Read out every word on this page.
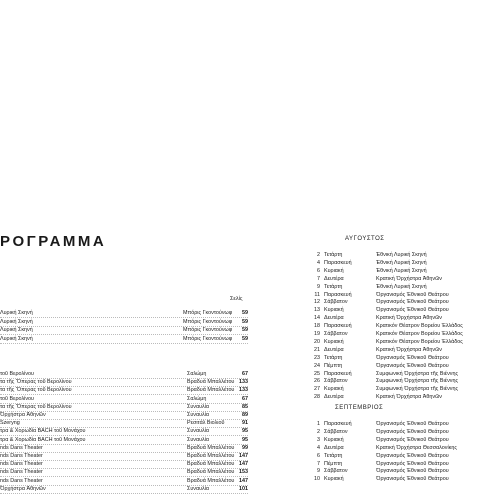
ΡΟΓΡΑΜΜΑ
Σελίς
Λυρική Σκηνή	Μπόρις Γκοντούνωφ 59
Λυρική Σκηνή	Μπόρις Γκοντούνωφ 59
Λυρική Σκηνή	Μπόρις Γκοντούνωφ 59
Λυρική Σκηνή	Μπόρις Γκοντούνωφ 59
τοῦ Βερολίνου	Σαλώμη	67
τα τῆς Ὄπερας τοῦ Βερολίνου	Βραδυά Μπαλλέτου 133
τα τῆς Ὄπερας τοῦ Βερολίνου	Βραδυά Μπαλλέτου 133
τοῦ Βερολίνου	Σαλώμη	67
τα τῆς Ὄπερας τοῦ Βερολίνου	Συναυλία	85
Ὀρχήστρα Ἀθηνῶν	Συναυλία	89
Szeryng	Ρεσιτάλ Βιολιοῦ	91
τρα & Χορωδία BACH τοῦ Μονάχου	Συναυλία	95
τρα & Χορωδία BACH τοῦ Μονάχου	Συναυλία	95
nds Dans Theater	Βραδυά Μπαλλέτου 99
nds Dans Theater	Βραδυά Μπαλλέτου 147
nds Dans Theater	Βραδυά Μπαλλέτου 147
nds Dans Theater	Βραδυά Μπαλλέτου 153
nds Dans Theater	Βραδυά Μπαλλέτου 147
Ὀρχήστρα Ἀθηνῶν	Συναυλία	101
ΑΥΓΟΥΣΤΟΣ
2 Τετάρτη	Ἐθνική Λυρική Σκηνή
4 Παρασκευή	Ἐθνική Λυρική Σκηνή
6 Κυριακή	Ἐθνική Λυρική Σκηνή
7 Δευτέρα	Κρατική Ὀρχήστρα Ἀθηνῶν
9 Τετάρτη	Ἐθνική Λυρική Σκηνή
11 Παρασκευή	Ὀργανισμός Ἐθνικοῦ Θεάτρου
12 Σάββατον	Ὀργανισμός Ἐθνικοῦ Θεάτρου
13 Κυριακή	Ὀργανισμός Ἐθνικοῦ Θεάτρου
14 Δευτέρα	Κρατική Ὀρχήστρα Ἀθηνῶν
18 Παρασκευή	Κρατικόν Θέατρον Βορείου Ἑλλάδος
19 Σάββατον	Κρατικόν Θέατρον Βορείου Ἑλλάδος
20 Κυριακή	Κρατικόν Θέατρον Βορείου Ἑλλάδος
21 Δευτέρα	Κρατική Ὀρχήστρα Ἀθηνῶν
23 Τετάρτη	Ὀργανισμός Ἐθνικοῦ Θεάτρου
24 Πέμπτη	Ὀργανισμός Ἐθνικοῦ Θεάτρου
25 Παρασκευή	Συμφωνική Ὀρχήστρα τῆς Βιέννης
26 Σάββατον	Συμφωνική Ὀρχήστρα τῆς Βιέννης
27 Κυριακή	Συμφωνική Ὀρχήστρα τῆς Βιέννης
28 Δευτέρα	Κρατική Ὀρχήστρα Ἀθηνῶν
ΣΕΠΤΕΜΒΡΙΟΣ
1 Παρασκευή	Ὀργανισμός Ἐθνικοῦ Θεάτρου
2 Σάββατον	Ὀργανισμός Ἐθνικοῦ Θεάτρου
3 Κυριακή	Ὀργανισμός Ἐθνικοῦ Θεάτρου
4 Δευτέρα	Κρατική Ὀρχήστρα Θεσσαλονίκης
6 Τετάρτη	Ὀργανισμός Ἐθνικοῦ Θεάτρου
7 Πέμπτη	Ὀργανισμός Ἐθνικοῦ Θεάτρου
9 Σάββατον	Ὀργανισμός Ἐθνικοῦ Θεάτρου
10 Κυριακή	Ὀργανισμός Ἐθνικοῦ Θεάτρου
